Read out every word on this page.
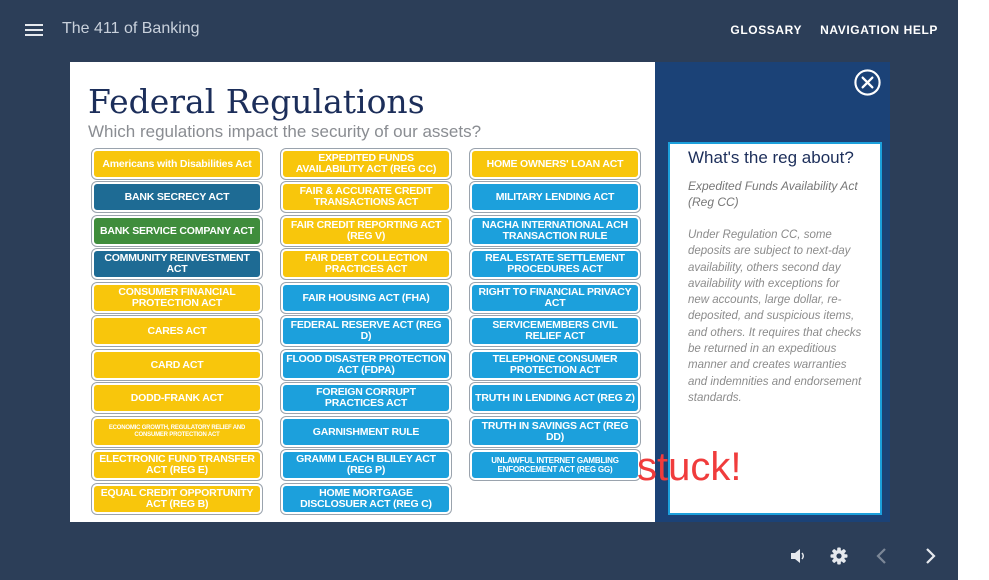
The 411 of Banking	GLOSSARY NAVIGATION HELP
Federal Regulations
Which regulations impact the security of our assets?
Americans with Disabilities Act
BANK SECRECY ACT
BANK SERVICE COMPANY ACT
COMMUNITY REINVESTMENT ACT
CONSUMER FINANCIAL PROTECTION ACT
CARES ACT
CARD ACT
DODD-FRANK ACT
ECONOMIC GROWTH, REGULATORY RELIEF AND CONSUMER PROTECTION ACT
ELECTRONIC FUND TRANSFER ACT (REG E)
EQUAL CREDIT OPPORTUNITY ACT (REG B)
EXPEDITED FUNDS AVAILABILITY ACT (REG CC)
FAIR & ACCURATE CREDIT TRANSACTIONS ACT
FAIR CREDIT REPORTING ACT (REG V)
FAIR DEBT COLLECTION PRACTICES ACT
FAIR HOUSING ACT (FHA)
FEDERAL RESERVE ACT (REG D)
FLOOD DISASTER PROTECTION ACT (FDPA)
FOREIGN CORRUPT PRACTICES ACT
GARNISHMENT RULE
GRAMM LEACH BLILEY ACT (REG P)
HOME MORTGAGE DISCLOSUER ACT (REG C)
HOME OWNERS' LOAN ACT
MILITARY LENDING ACT
NACHA INTERNATIONAL ACH TRANSACTION RULE
REAL ESTATE SETTLEMENT PROCEDURES ACT
RIGHT TO FINANCIAL PRIVACY ACT
SERVICEMEMBERS CIVIL RELIEF ACT
TELEPHONE CONSUMER PROTECTION ACT
TRUTH IN LENDING ACT (REG Z)
TRUTH IN SAVINGS ACT (REG DD)
UNLAWFUL INTERNET GAMBLING ENFORCEMENT ACT (REG GG)
What's the reg about?
Expedited Funds Availability Act (Reg CC)
Under Regulation CC, some deposits are subject to next-day availability, others second day availability with exceptions for new accounts, large dollar, re-deposited, and suspicious items, and others. It requires that checks be returned in an expeditious manner and creates warranties and indemnities and endorsement standards.
stuck!
